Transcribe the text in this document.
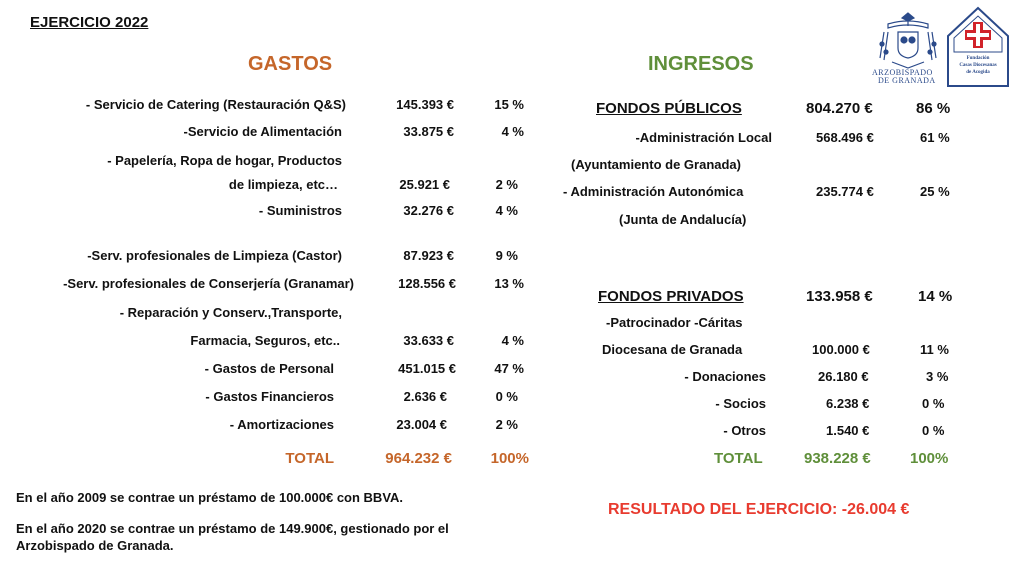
EJERCICIO 2022
GASTOS
- Servicio de Catering (Restauración Q&S)	145.393 €	15 %
-Servicio de Alimentación	33.875 €	4 %
- Papelería, Ropa de hogar, Productos
de limpieza, etc…	25.921 €	2 %
- Suministros	32.276 €	4 %
-Serv. profesionales de Limpieza (Castor)	87.923 €	9 %
-Serv. profesionales de Conserjería (Granamar)	128.556 €	13 %
- Reparación y Conserv.,Transporte,
Farmacia, Seguros, etc..	33.633 €	4 %
- Gastos de Personal	451.015 €	47 %
- Gastos Financieros	2.636 €	0 %
- Amortizaciones	23.004 €	2 %
TOTAL	964.232 €	100%
INGRESOS
FONDOS PÚBLICOS	804.270 €	86 %
-Administración Local	568.496 €	61 %
(Ayuntamiento de Granada)
- Administración Autonómica	235.774 €	25 %
(Junta de Andalucía)
FONDOS PRIVADOS	133.958 €	14 %
-Patrocinador -Cáritas
Diocesana de Granada	100.000 €	11 %
- Donaciones	26.180 €	3 %
- Socios	6.238 €	0 %
- Otros	1.540 €	0 %
TOTAL	938.228 €	100%
En el año 2009 se contrae un préstamo de 100.000€ con BBVA.
En el año 2020 se contrae un préstamo de 149.900€, gestionado por el
Arzobispado de Granada.
RESULTADO DEL EJERCICIO: -26.004 €
ARZOBISPADO
DE GRANADA
Fundación
Casas Diocesanas
de Acogida
